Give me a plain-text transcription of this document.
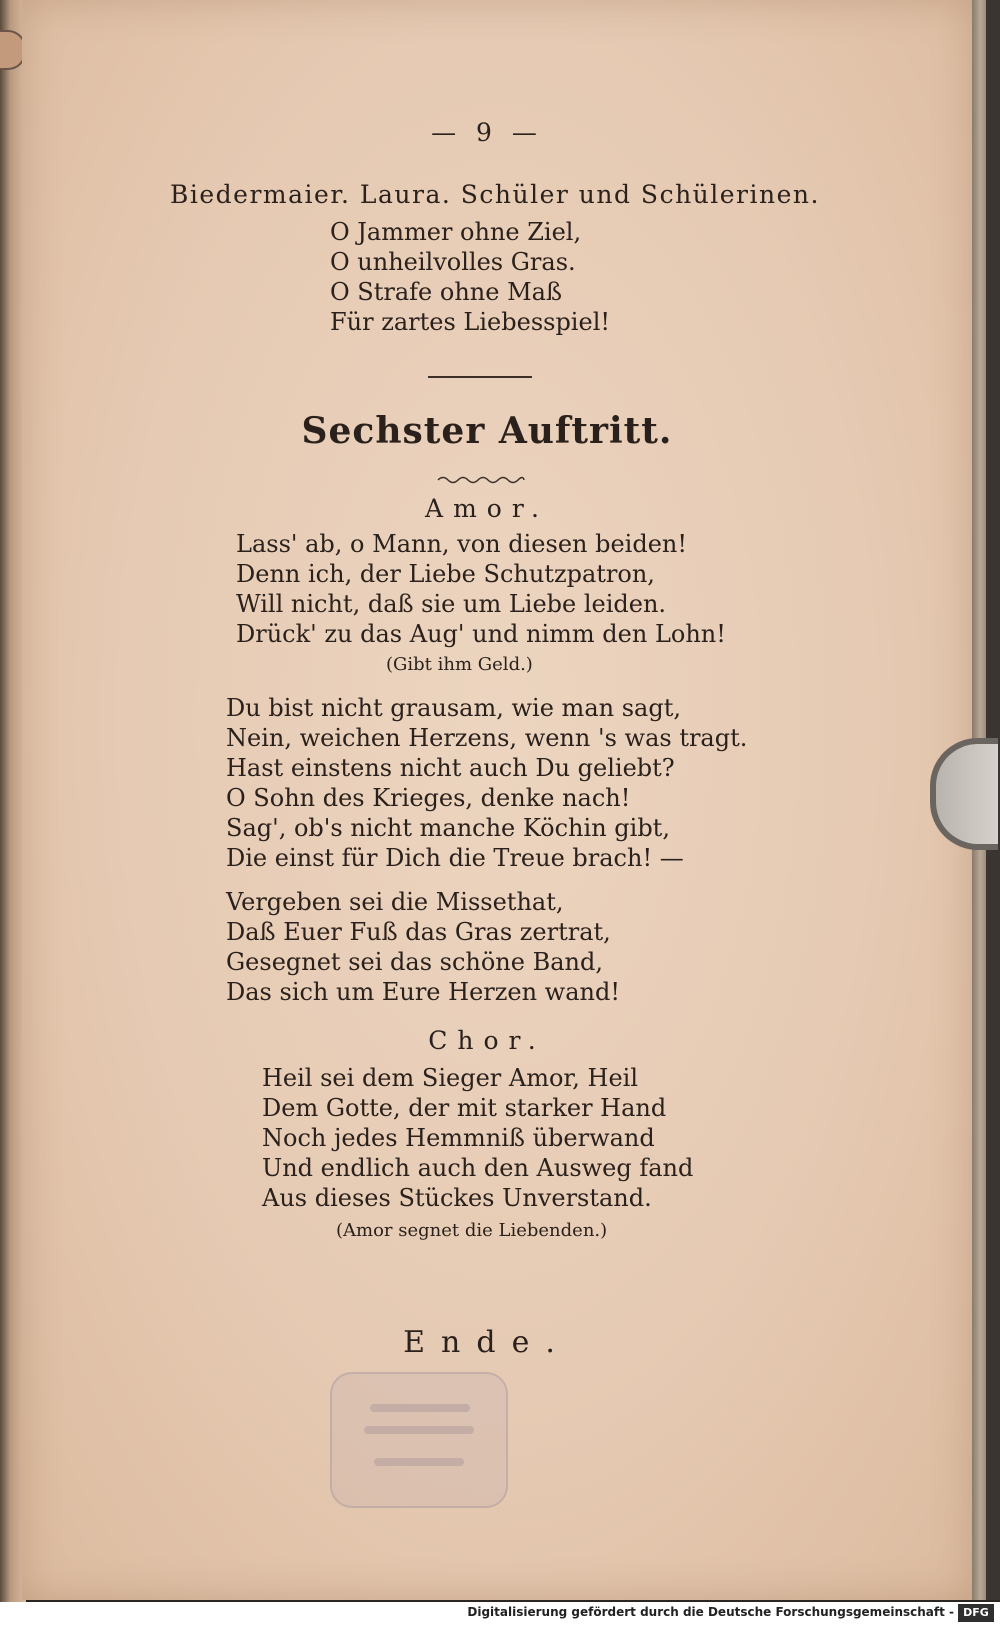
— 9 —
Biedermaier. Laura. Schüler und Schülerinen.
O Jammer ohne Ziel,
O unheilvolles Gras.
O Strafe ohne Maß
Für zartes Liebesspiel!
Sechster Auftritt.
Amor.
Lass' ab, o Mann, von diesen beiden!
Denn ich, der Liebe Schutzpatron,
Will nicht, daß sie um Liebe leiden.
Drück' zu das Aug' und nimm den Lohn!
(Gibt ihm Geld.)
Du bist nicht grausam, wie man sagt,
Nein, weichen Herzens, wenn 's was tragt.
Hast einstens nicht auch Du geliebt?
O Sohn des Krieges, denke nach!
Sag', ob's nicht manche Köchin gibt,
Die einst für Dich die Treue brach! —
Vergeben sei die Missethat,
Daß Euer Fuß das Gras zertrat,
Gesegnet sei das schöne Band,
Das sich um Eure Herzen wand!
Chor.
Heil sei dem Sieger Amor, Heil
Dem Gotte, der mit starker Hand
Noch jedes Hemmniß überwand
Und endlich auch den Ausweg fand
Aus dieses Stückes Unverstand.
(Amor segnet die Liebenden.)
Ende.
Digitalisierung gefördert durch die Deutsche Forschungsgemeinschaft - DFG
